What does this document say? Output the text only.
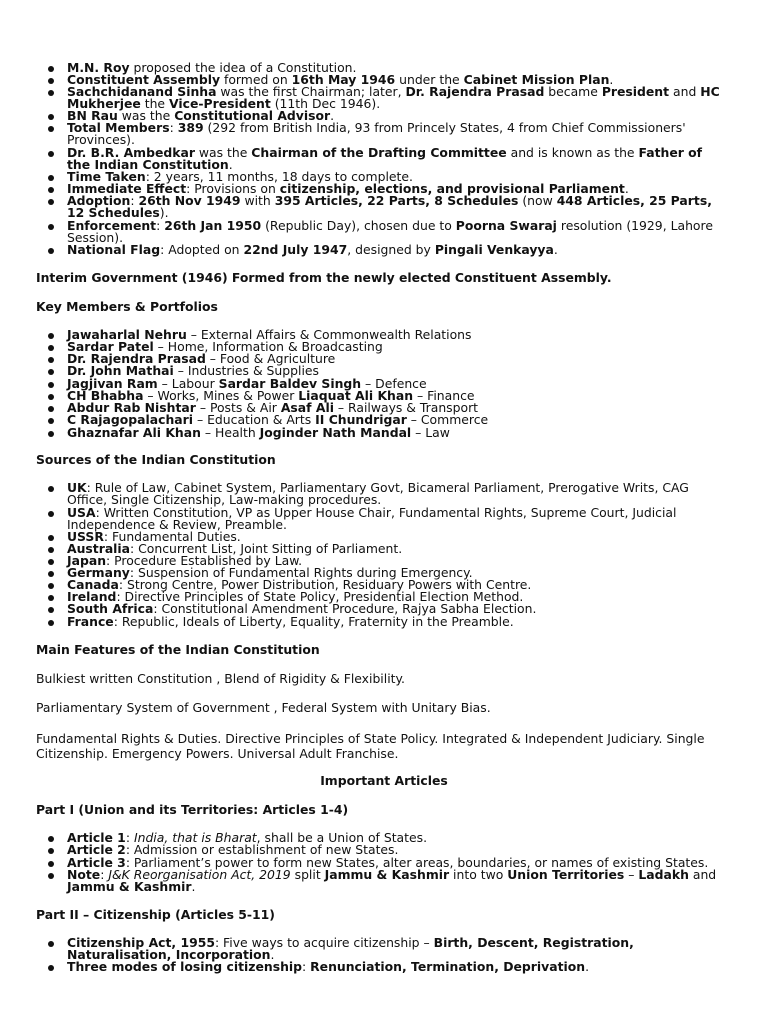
M.N. Roy proposed the idea of a Constitution.
Constituent Assembly formed on 16th May 1946 under the Cabinet Mission Plan.
Sachchidanand Sinha was the first Chairman; later, Dr. Rajendra Prasad became President and HC Mukherjee the Vice-President (11th Dec 1946).
BN Rau was the Constitutional Advisor.
Total Members: 389 (292 from British India, 93 from Princely States, 4 from Chief Commissioners' Provinces).
Dr. B.R. Ambedkar was the Chairman of the Drafting Committee and is known as the Father of the Indian Constitution.
Time Taken: 2 years, 11 months, 18 days to complete.
Immediate Effect: Provisions on citizenship, elections, and provisional Parliament.
Adoption: 26th Nov 1949 with 395 Articles, 22 Parts, 8 Schedules (now 448 Articles, 25 Parts, 12 Schedules).
Enforcement: 26th Jan 1950 (Republic Day), chosen due to Poorna Swaraj resolution (1929, Lahore Session).
National Flag: Adopted on 22nd July 1947, designed by Pingali Venkayya.
Interim Government (1946) Formed from the newly elected Constituent Assembly.
Key Members & Portfolios
Jawaharlal Nehru – External Affairs & Commonwealth Relations
Sardar Patel – Home, Information & Broadcasting
Dr. Rajendra Prasad – Food & Agriculture
Dr. John Mathai – Industries & Supplies
Jagjivan Ram – Labour Sardar Baldev Singh – Defence
CH Bhabha – Works, Mines & Power Liaquat Ali Khan – Finance
Abdur Rab Nishtar – Posts & Air Asaf Ali – Railways & Transport
C Rajagopalachari – Education & Arts II Chundrigar – Commerce
Ghaznafar Ali Khan – Health Joginder Nath Mandal – Law
Sources of the Indian Constitution
UK: Rule of Law, Cabinet System, Parliamentary Govt, Bicameral Parliament, Prerogative Writs, CAG Office, Single Citizenship, Law-making procedures.
USA: Written Constitution, VP as Upper House Chair, Fundamental Rights, Supreme Court, Judicial Independence & Review, Preamble.
USSR: Fundamental Duties.
Australia: Concurrent List, Joint Sitting of Parliament.
Japan: Procedure Established by Law.
Germany: Suspension of Fundamental Rights during Emergency.
Canada: Strong Centre, Power Distribution, Residuary Powers with Centre.
Ireland: Directive Principles of State Policy, Presidential Election Method.
South Africa: Constitutional Amendment Procedure, Rajya Sabha Election.
France: Republic, Ideals of Liberty, Equality, Fraternity in the Preamble.
Main Features of the Indian Constitution
Bulkiest written Constitution , Blend of Rigidity & Flexibility.
Parliamentary System of Government , Federal System with Unitary Bias.
Fundamental Rights & Duties. Directive Principles of State Policy. Integrated & Independent Judiciary. Single Citizenship. Emergency Powers. Universal Adult Franchise.
Important Articles
Part I (Union and its Territories: Articles 1-4)
Article 1: India, that is Bharat, shall be a Union of States.
Article 2: Admission or establishment of new States.
Article 3: Parliament’s power to form new States, alter areas, boundaries, or names of existing States.
Note: J&K Reorganisation Act, 2019 split Jammu & Kashmir into two Union Territories – Ladakh and Jammu & Kashmir.
Part II – Citizenship (Articles 5-11)
Citizenship Act, 1955: Five ways to acquire citizenship – Birth, Descent, Registration, Naturalisation, Incorporation.
Three modes of losing citizenship: Renunciation, Termination, Deprivation.
